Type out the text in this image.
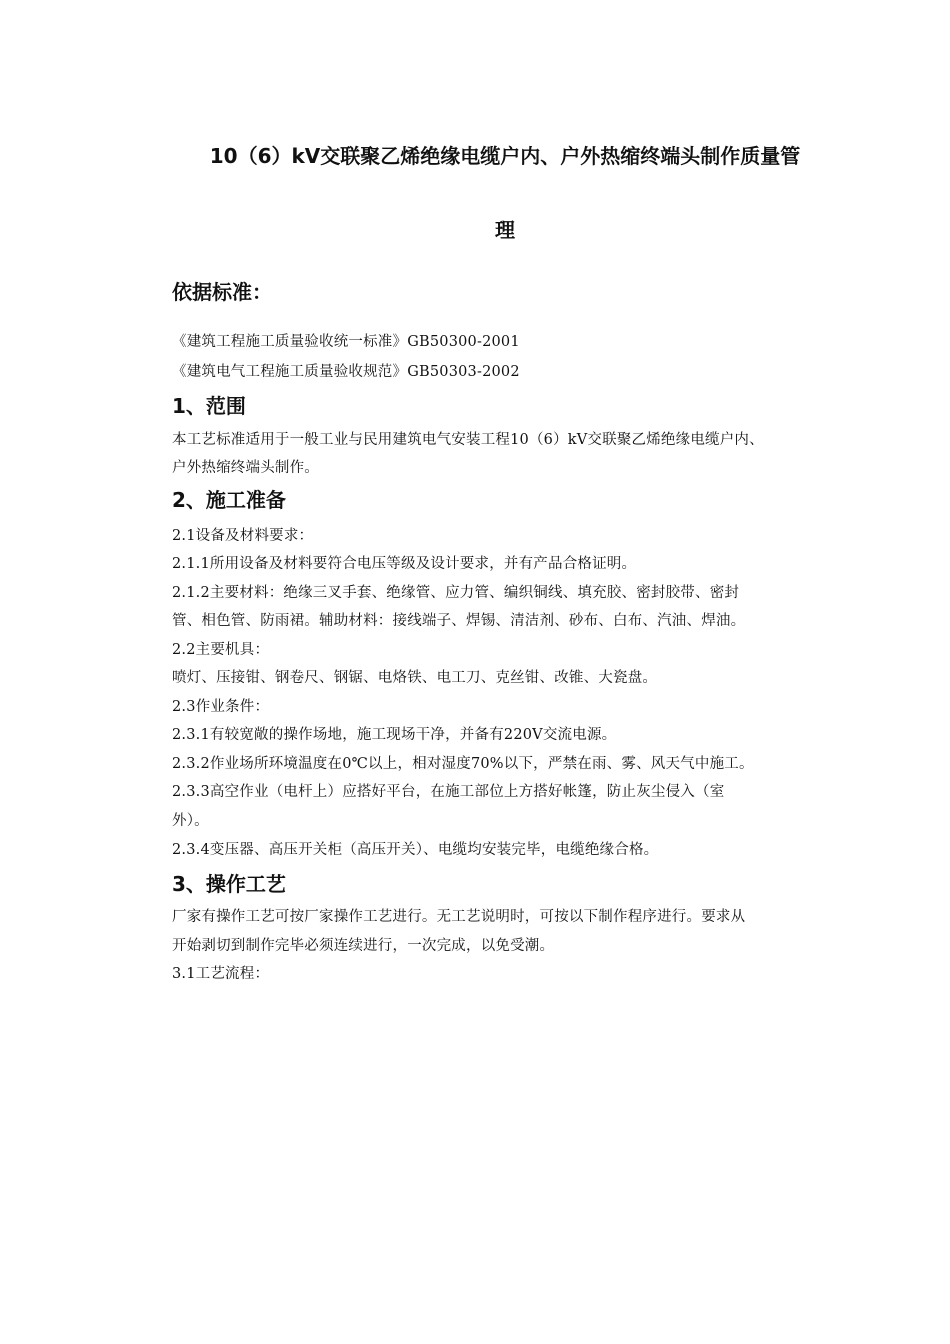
10（6）kV交联聚乙烯绝缘电缆户内、户外热缩终端头制作质量管
理
依据标准：
《建筑工程施工质量验收统一标准》GB50300-2001
《建筑电气工程施工质量验收规范》GB50303-2002
1、范围
本工艺标准适用于一般工业与民用建筑电气安装工程10（6）kV交联聚乙烯绝缘电缆户内、
户外热缩终端头制作。
2、施工准备
2.1设备及材料要求：
2.1.1所用设备及材料要符合电压等级及设计要求，并有产品合格证明。
2.1.2主要材料：绝缘三叉手套、绝缘管、应力管、编织铜线、填充胶、密封胶带、密封
管、相色管、防雨裙。辅助材料：接线端子、焊锡、清洁剂、砂布、白布、汽油、焊油。
2.2主要机具：
喷灯、压接钳、钢卷尺、钢锯、电烙铁、电工刀、克丝钳、改锥、大瓷盘。
2.3作业条件：
2.3.1有较宽敞的操作场地，施工现场干净，并备有220V交流电源。
2.3.2作业场所环境温度在0℃以上，相对湿度70%以下，严禁在雨、雾、风天气中施工。
2.3.3高空作业（电杆上）应搭好平台，在施工部位上方搭好帐篷，防止灰尘侵入（室
外）。
2.3.4变压器、高压开关柜（高压开关）、电缆均安装完毕，电缆绝缘合格。
3、操作工艺
厂家有操作工艺可按厂家操作工艺进行。无工艺说明时，可按以下制作程序进行。要求从
开始剥切到制作完毕必须连续进行，一次完成，以免受潮。
3.1工艺流程：
